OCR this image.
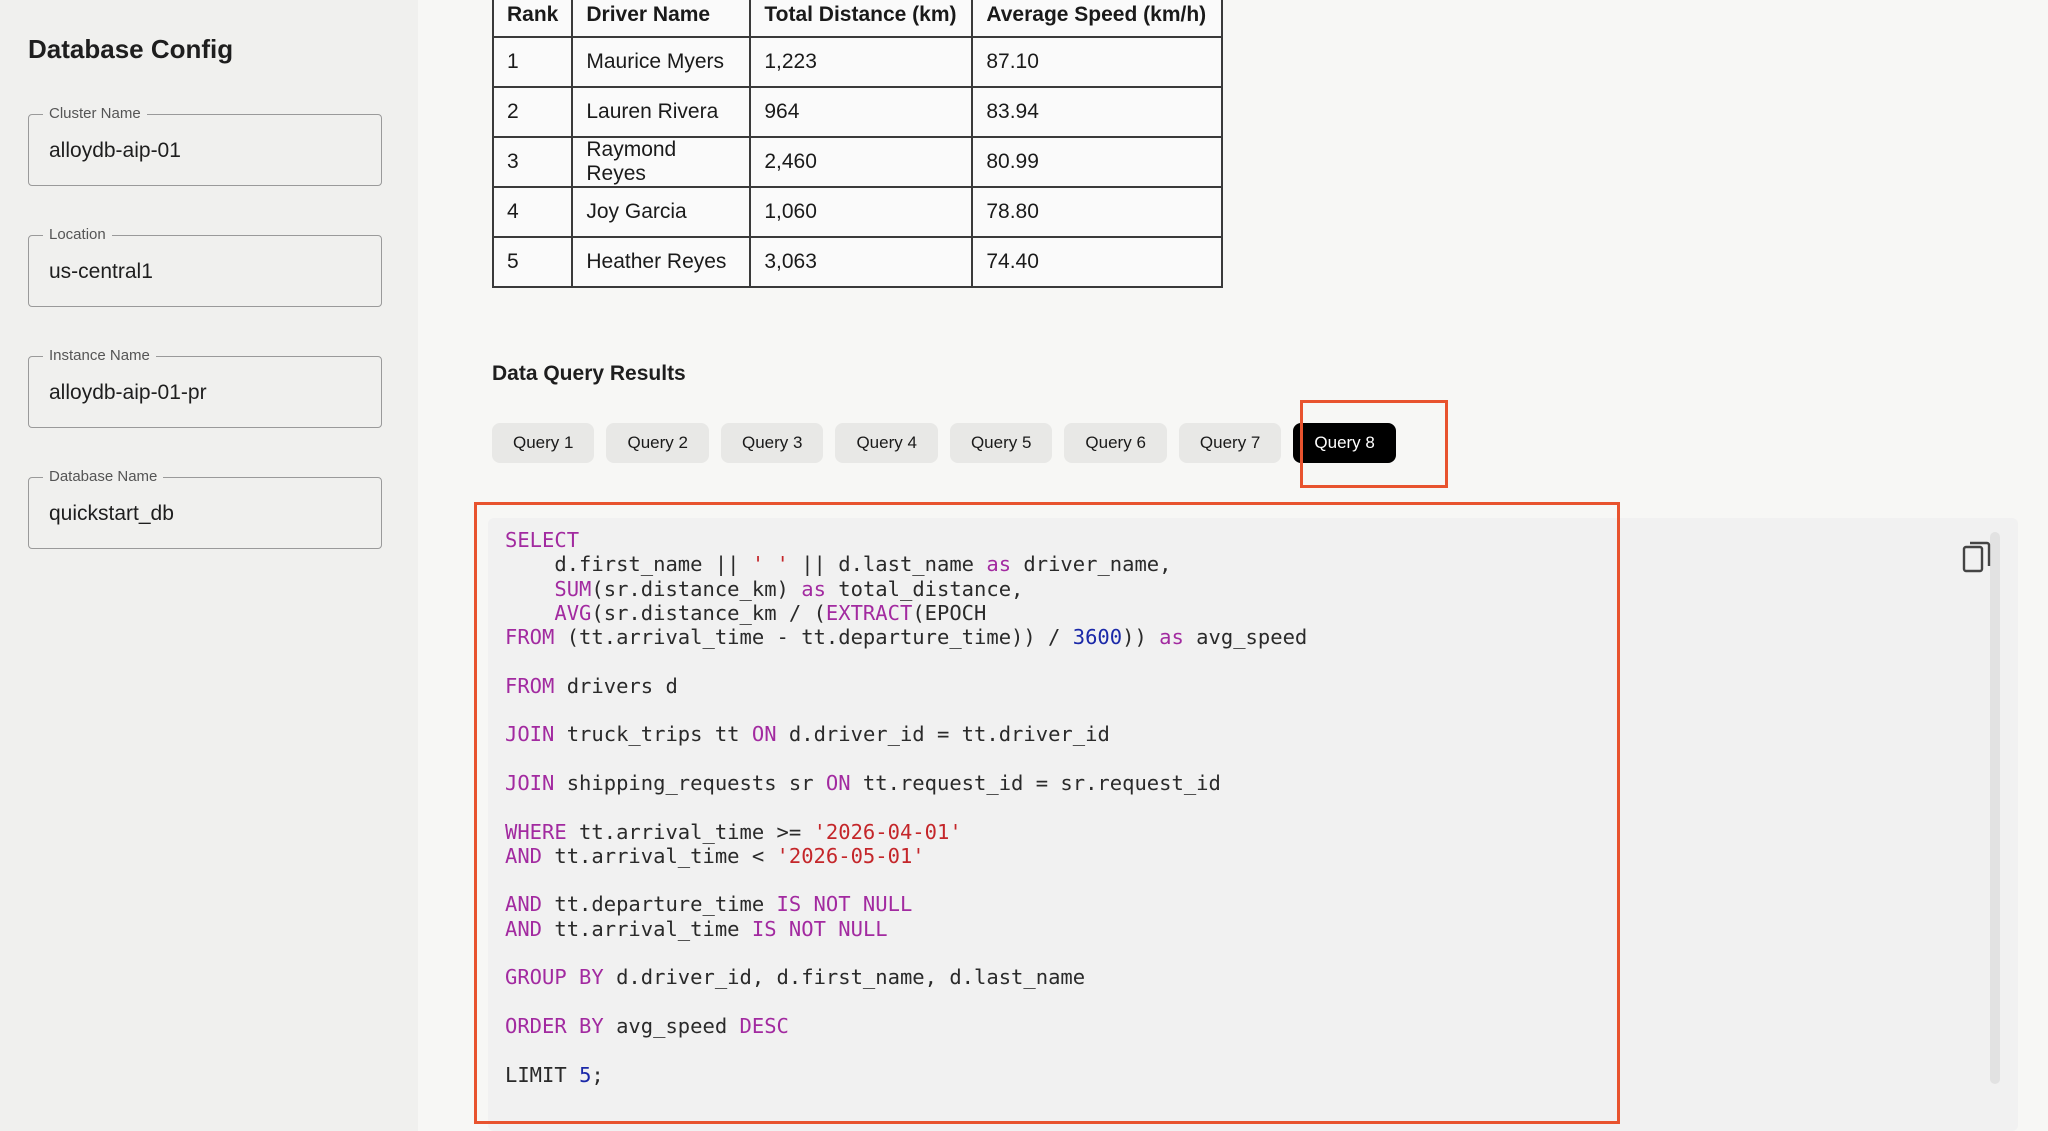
Database Config
Cluster Name
alloydb-aip-01
Location
us-central1
Instance Name
alloydb-aip-01-pr
Database Name
quickstart_db
Rank	Driver Name	Total Distance (km)	Average Speed (km/h)
1	Maurice Myers	1,223	87.10
2	Lauren Rivera	964	83.94
3	Raymond Reyes	2,460	80.99
4	Joy Garcia	1,060	78.80
5	Heather Reyes	3,063	74.40
Data Query Results
Query 1	Query 2	Query 3	Query 4	Query 5	Query 6	Query 7	Query 8
SELECT
d.first_name || ' ' || d.last_name as driver_name,
SUM(sr.distance_km) as total_distance,
AVG(sr.distance_km / (EXTRACT(EPOCH
FROM (tt.arrival_time - tt.departure_time)) / 3600)) as avg_speed

FROM drivers d

JOIN truck_trips tt ON d.driver_id = tt.driver_id

JOIN shipping_requests sr ON tt.request_id = sr.request_id

WHERE tt.arrival_time >= '2026-04-01'
AND tt.arrival_time < '2026-05-01'

AND tt.departure_time IS NOT NULL
AND tt.arrival_time IS NOT NULL

GROUP BY d.driver_id, d.first_name, d.last_name

ORDER BY avg_speed DESC

LIMIT 5;
